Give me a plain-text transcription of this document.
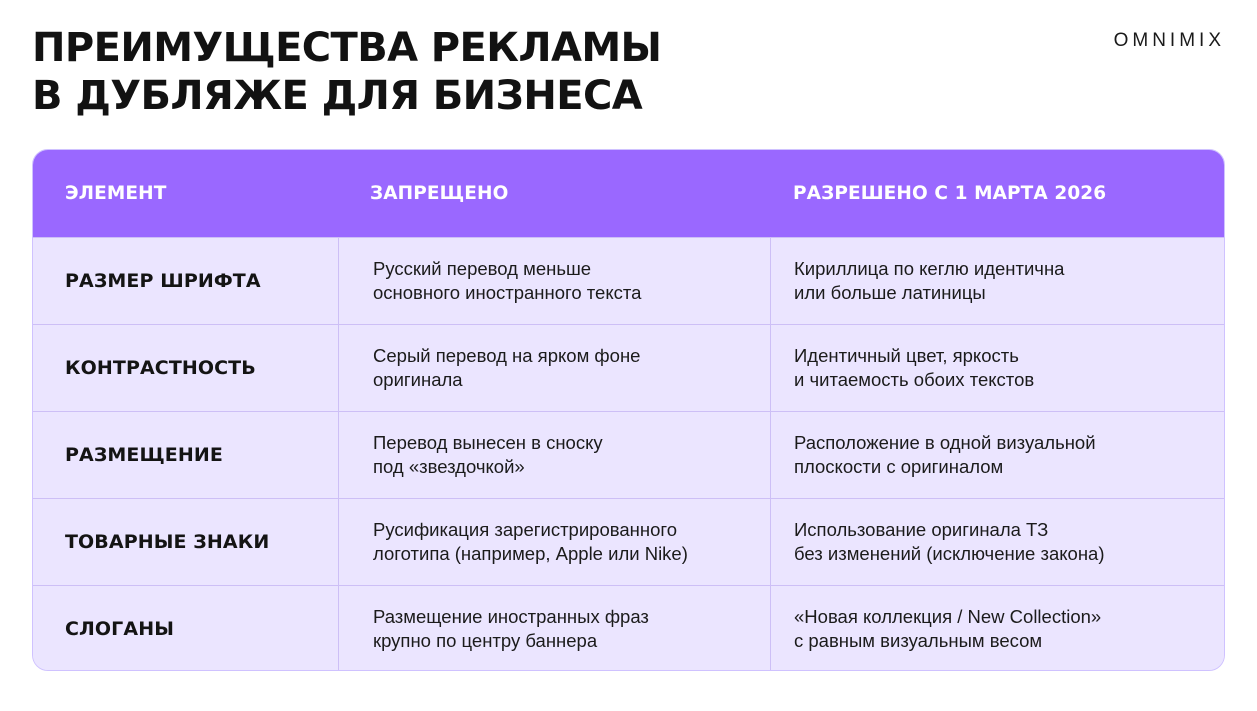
ПРЕИМУЩЕСТВА РЕКЛАМЫ
В ДУБЛЯЖЕ ДЛЯ БИЗНЕСА
OMNIMIX
ЭЛЕМЕНТ	ЗАПРЕЩЕНО	РАЗРЕШЕНО С 1 МАРТА 2026
РАЗМЕР ШРИФТА
Русский перевод меньше
основного иностранного текста
Кириллица по кеглю идентична
или больше латиницы
КОНТРАСТНОСТЬ
Серый перевод на ярком фоне
оригинала
Идентичный цвет, яркость
и читаемость обоих текстов
РАЗМЕЩЕНИЕ
Перевод вынесен в сноску
под «звездочкой»
Расположение в одной визуальной
плоскости с оригиналом
ТОВАРНЫЕ ЗНАКИ
Русификация зарегистрированного
логотипа (например, Apple или Nike)
Использование оригинала ТЗ
без изменений (исключение закона)
СЛОГАНЫ
Размещение иностранных фраз
крупно по центру баннера
«Новая коллекция / New Collection»
с равным визуальным весом
